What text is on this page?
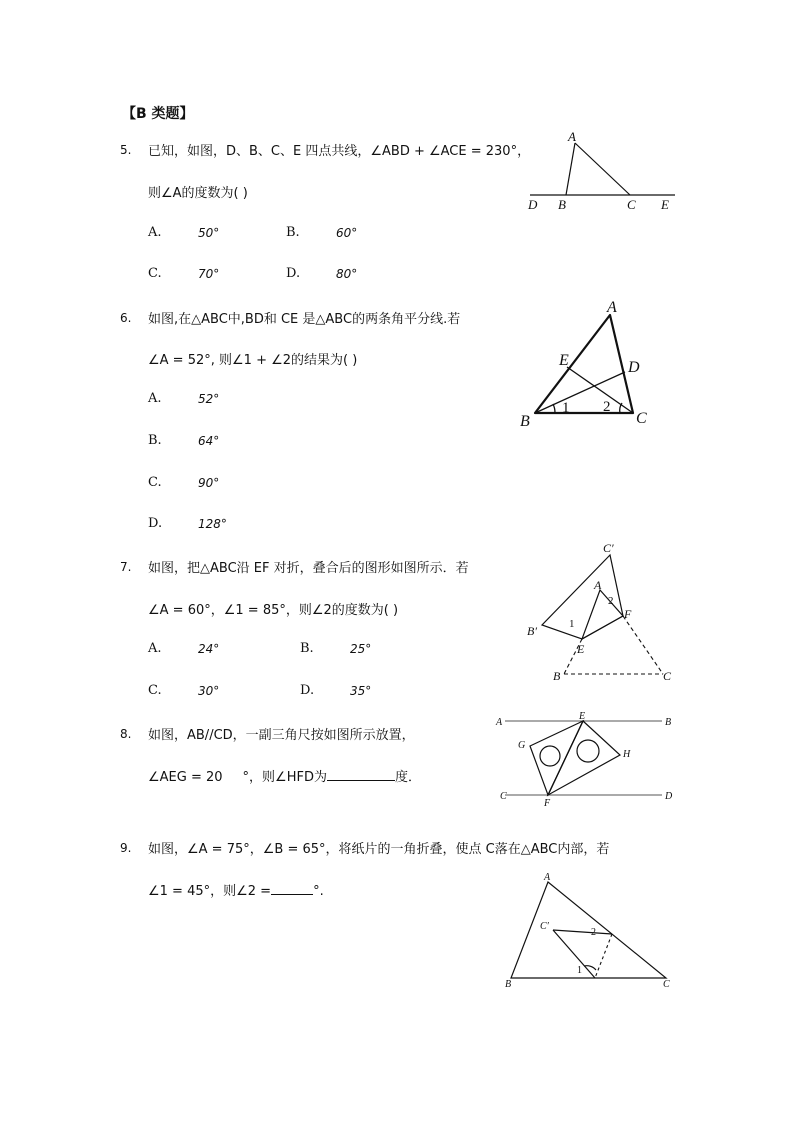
【B 类题】
5. 已知，如图，D、B、C、E 四点共线，∠ABD + ∠ACE = 230°，
则∠A的度数为( )
A.	50°	B.	60°
C.	70°	D.	80°
A
D B	C E
6. 如图,在△ABC中,BD和 CE 是△ABC的两条角平分线.若
∠A = 52°, 则∠1 + ∠2的结果为( )
A.	52°
B.	64°
C.	90°
D.	128°
A
E	D
B	C
1 2
7. 如图，把△ABC沿 EF 对折，叠合后的图形如图所示．若
∠A = 60°，∠1 = 85°，则∠2的度数为( )
A.	24°	B.	25°
C.	30°	D.	35°
C′
A
2
F
B′	1
E
B	C
8. 如图，AB//CD，一副三角尺按如图所示放置，
∠AEG = 20 °，则∠HFD为	度．
A
E
B
G
H
C
F
D
9. 如图，∠A = 75°，∠B = 65°，将纸片的一角折叠，使点 C落在△ABC内部，若
∠1 = 45°，则∠2 =	°.
A
C′
2
1
B	C
